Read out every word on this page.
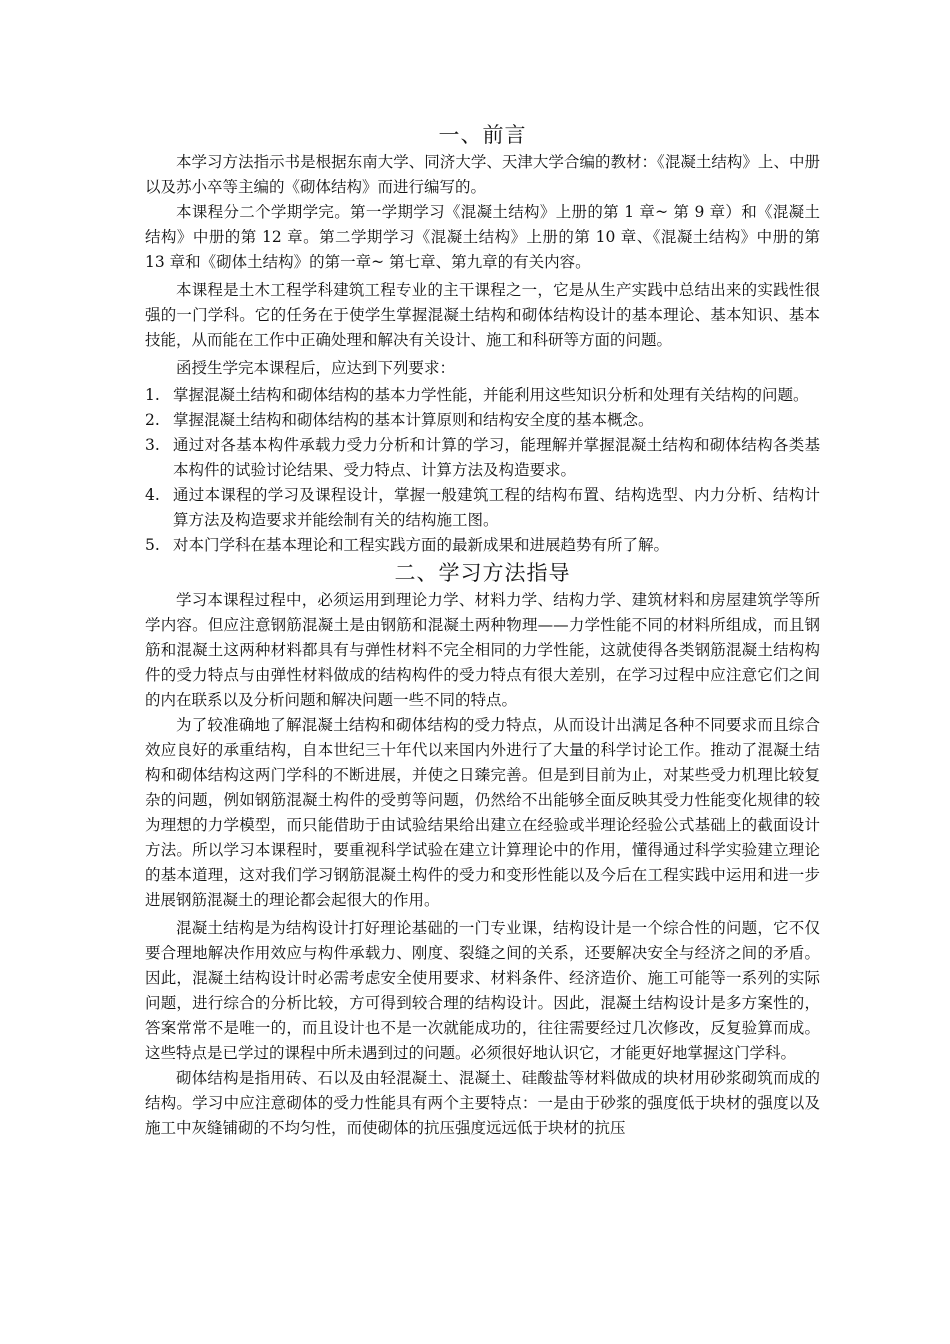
一、前言

本学习方法指示书是根据东南大学、同济大学、天津大学合编的教材：《混凝土结构》上、中册以及苏小卒等主编的《砌体结构》而进行编写的。

本课程分二个学期学完。第一学期学习《混凝土结构》上册的第 1 章~ 第 9 章）和《混凝土结构》中册的第 12 章。第二学期学习《混凝土结构》上册的第 10 章、《混凝土结构》中册的第 13 章和《砌体土结构》的第一章~ 第七章、第九章的有关内容。

本课程是土木工程学科建筑工程专业的主干课程之一，它是从生产实践中总结出来的实践性很强的一门学科。它的任务在于使学生掌握混凝土结构和砌体结构设计的基本理论、基本知识、基本技能，从而能在工作中正确处理和解决有关设计、施工和科研等方面的问题。

函授生学完本课程后，应达到下列要求：

1. 掌握混凝土结构和砌体结构的基本力学性能，并能利用这些知识分析和处理有关结构的问题。
2. 掌握混凝土结构和砌体结构的基本计算原则和结构安全度的基本概念。
3. 通过对各基本构件承载力受力分析和计算的学习，能理解并掌握混凝土结构和砌体结构各类基本构件的试验讨论结果、受力特点、计算方法及构造要求。
4. 通过本课程的学习及课程设计，掌握一般建筑工程的结构布置、结构选型、内力分析、结构计算方法及构造要求并能绘制有关的结构施工图。
5. 对本门学科在基本理论和工程实践方面的最新成果和进展趋势有所了解。
二、学习方法指导

学习本课程过程中，必须运用到理论力学、材料力学、结构力学、建筑材料和房屋建筑学等所学内容。但应注意钢筋混凝土是由钢筋和混凝土两种物理——力学性能不同的材料所组成，而且钢筋和混凝土这两种材料都具有与弹性材料不完全相同的力学性能，这就使得各类钢筋混凝土结构构件的受力特点与由弹性材料做成的结构构件的受力特点有很大差别，在学习过程中应注意它们之间的内在联系以及分析问题和解决问题一些不同的特点。

为了较准确地了解混凝土结构和砌体结构的受力特点，从而设计出满足各种不同要求而且综合效应良好的承重结构，自本世纪三十年代以来国内外进行了大量的科学讨论工作。推动了混凝土结构和砌体结构这两门学科的不断进展，并使之日臻完善。但是到目前为止，对某些受力机理比较复杂的问题，例如钢筋混凝土构件的受剪等问题，仍然给不出能够全面反映其受力性能变化规律的较为理想的力学模型，而只能借助于由试验结果给出建立在经验或半理论经验公式基础上的截面设计方法。所以学习本课程时，要重视科学试验在建立计算理论中的作用，懂得通过科学实验建立理论的基本道理，这对我们学习钢筋混凝土构件的受力和变形性能以及今后在工程实践中运用和进一步进展钢筋混凝土的理论都会起很大的作用。

混凝土结构是为结构设计打好理论基础的一门专业课，结构设计是一个综合性的问题，它不仅要合理地解决作用效应与构件承载力、刚度、裂缝之间的关系，还要解决安全与经济之间的矛盾。因此，混凝土结构设计时必需考虑安全使用要求、材料条件、经济造价、施工可能等一系列的实际问题，进行综合的分析比较，方可得到较合理的结构设计。因此，混凝土结构设计是多方案性的，答案常常不是唯一的，而且设计也不是一次就能成功的，往往需要经过几次修改，反复验算而成。这些特点是已学过的课程中所未遇到过的问题。必须很好地认识它，才能更好地掌握这门学科。

砌体结构是指用砖、石以及由轻混凝土、混凝土、硅酸盐等材料做成的块材用砂浆砌筑而成的结构。学习中应注意砌体的受力性能具有两个主要特点：一是由于砂浆的强度低于块材的强度以及施工中灰缝铺砌的不均匀性，而使砌体的抗压强度远远低于块材的抗压
